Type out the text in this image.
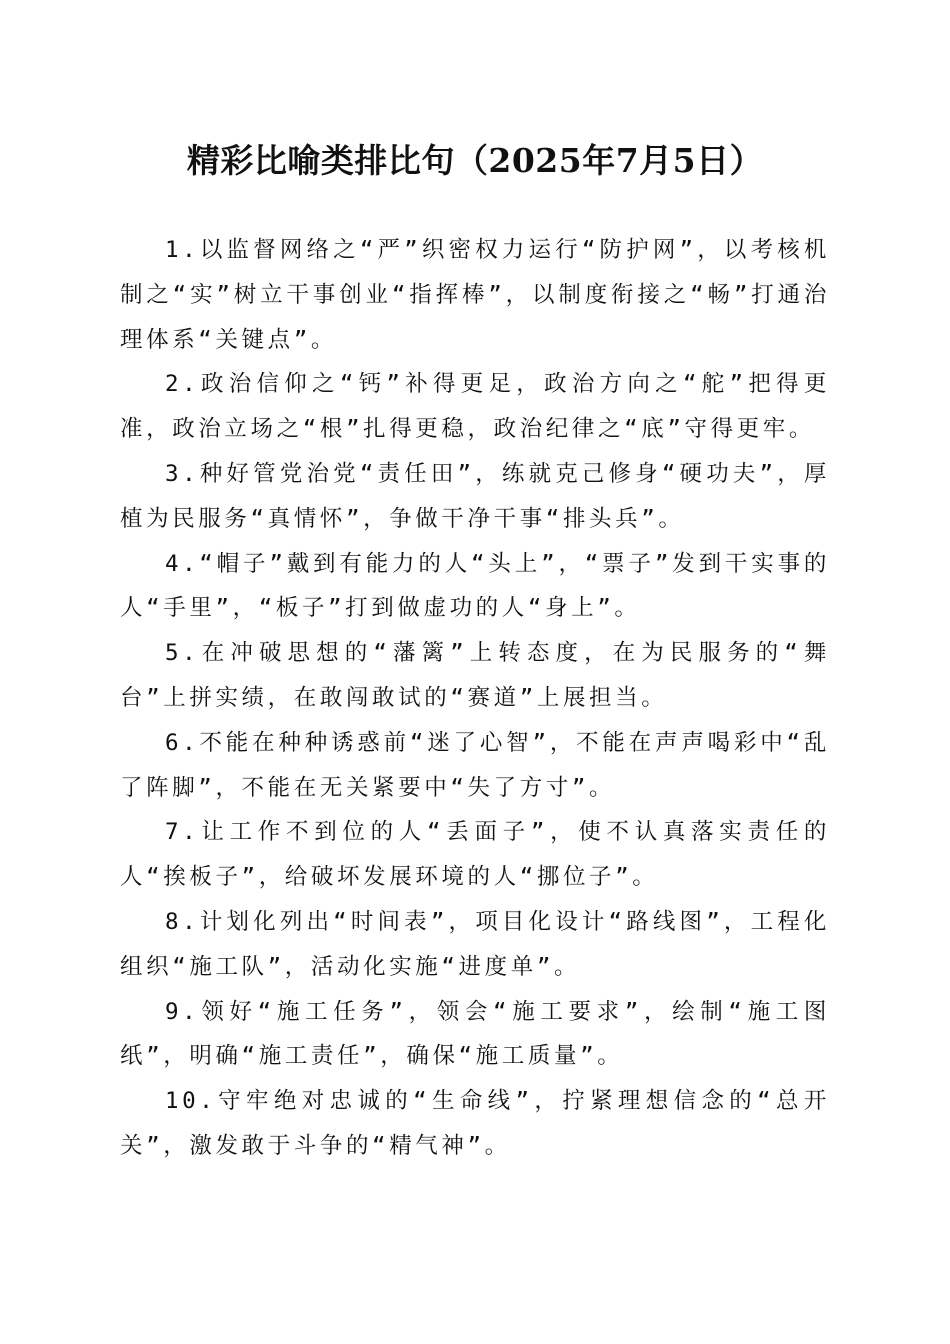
精彩比喻类排比句（2025年7月5日）

1.以监督网络之“严”织密权力运行“防护网”，以考核机制之“实”树立干事创业“指挥棒”，以制度衔接之“畅”打通治理体系“关键点”。

2.政治信仰之“钙”补得更足，政治方向之“舵”把得更准，政治立场之“根”扎得更稳，政治纪律之“底”守得更牢。

3.种好管党治党“责任田”，练就克己修身“硬功夫”，厚植为民服务“真情怀”，争做干净干事“排头兵”。

4.“帽子”戴到有能力的人“头上”，“票子”发到干实事的人“手里”，“板子”打到做虚功的人“身上”。

5.在冲破思想的“藩篱”上转态度，在为民服务的“舞台”上拼实绩，在敢闯敢试的“赛道”上展担当。

6.不能在种种诱惑前“迷了心智”，不能在声声喝彩中“乱了阵脚”，不能在无关紧要中“失了方寸”。

7.让工作不到位的人“丢面子”，使不认真落实责任的人“挨板子”，给破坏发展环境的人“挪位子”。

8.计划化列出“时间表”，项目化设计“路线图”，工程化组织“施工队”，活动化实施“进度单”。

9.领好“施工任务”，领会“施工要求”，绘制“施工图纸”，明确“施工责任”，确保“施工质量”。

10.守牢绝对忠诚的“生命线”，拧紧理想信念的“总开关”，激发敢于斗争的“精气神”。
